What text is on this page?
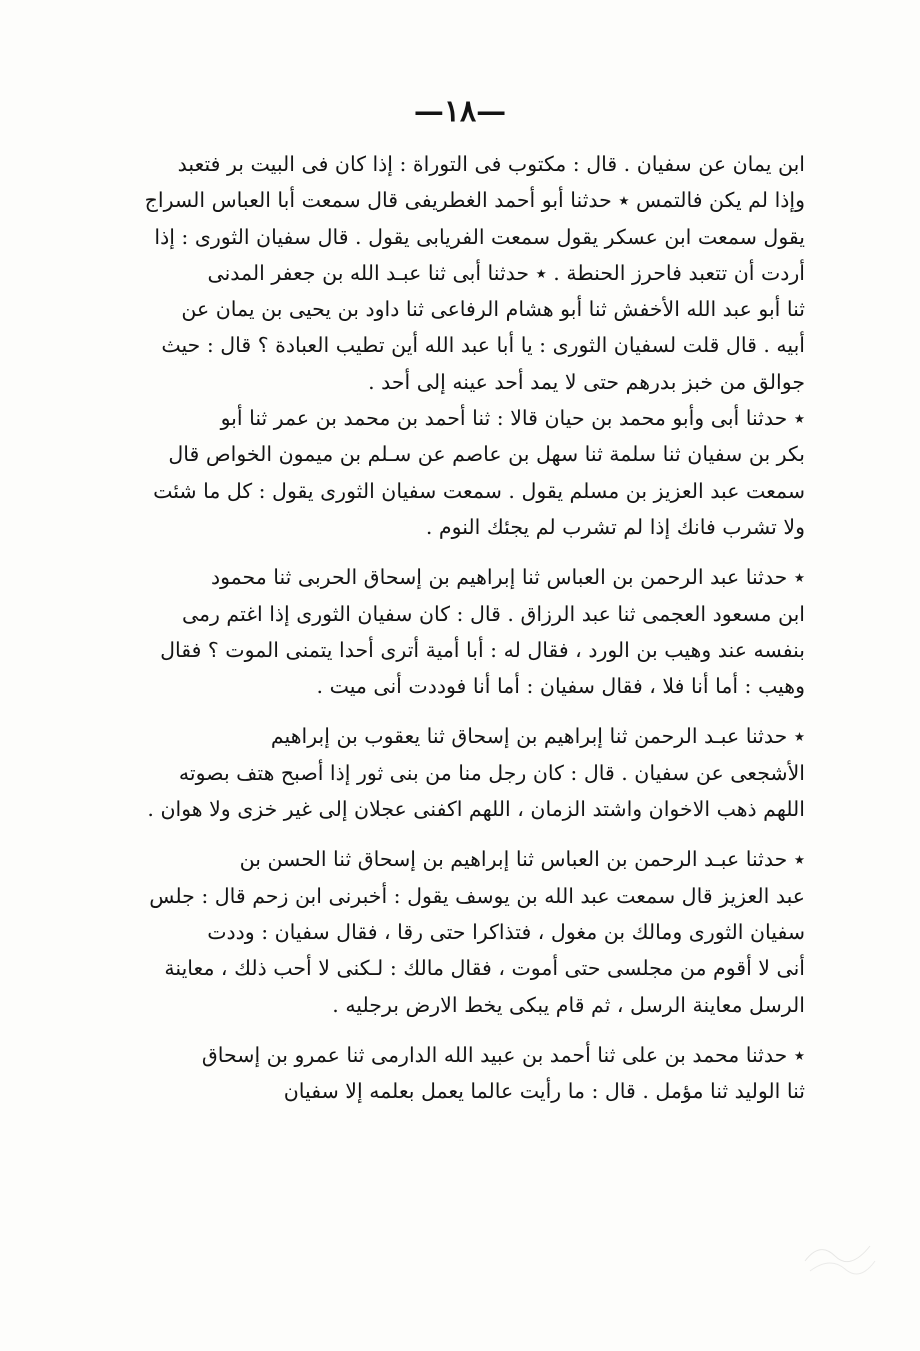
—١٨—
ابن يمان عن سفيان . قال : مكتوب فى التوراة : إذا كان فى البيت بر فتعبد
وإذا لم يكن فالتمس ‌٭ حدثنا أبو أحمد الغطريفى قال سمعت أبا العباس السراج
يقول سمعت ابن عسكر يقول سمعت الفريابى يقول . قال سفيان الثورى : إذا
أردت أن تتعبد فاحرز الحنطة . ‌٭ حدثنا أبى ثنا عبـد الله بن جعفر المدنى
ثنا أبو عبد الله الأخفش ثنا أبو هشام الرفاعى ثنا داود بن يحيى بن يمان عن
أبيه . قال قلت لسفيان الثورى : يا أبا عبد الله أين تطيب العبادة ؟ قال : حيث
جوالق من خبز بدرهم حتى لا يمد أحد عينه إلى أحد .
‌٭ حدثنا أبى وأبو محمد بن حيان قالا : ثنا أحمد بن محمد بن عمر ثنا أبو
بكر بن سفيان ثنا سلمة ثنا سهل بن عاصم عن سـلم بن ميمون الخواص قال
سمعت عبد العزيز بن مسلم يقول . سمعت سفيان الثورى يقول : كل ما شئت
ولا تشرب فانك إذا لم تشرب لم يجئك النوم .
‌٭ حدثنا عبد الرحمن بن العباس ثنا إبراهيم بن إسحاق الحربى ثنا محمود
ابن مسعود العجمى ثنا عبد الرزاق . قال : كان سفيان الثورى إذا اغتم رمى
بنفسه عند وهيب بن الورد ، فقال له : أبا أمية أترى أحدا يتمنى الموت ؟ فقال
وهيب : أما أنا فلا ، فقال سفيان : أما أنا فوددت أنى ميت .
‌٭ حدثنا عبـد الرحمن ثنا إبراهيم بن إسحاق ثنا يعقوب بن إبراهيم
الأشجعى عن سفيان . قال : كان رجل منا من بنى ثور إذا أصبح هتف بصوته
اللهم ذهب الاخوان واشتد الزمان ، اللهم اكفنى عجلان إلى غير خزى ولا هوان .
‌٭ حدثنا عبـد الرحمن بن العباس ثنا إبراهيم بن إسحاق ثنا الحسن بن
عبد العزيز قال سمعت عبد الله بن يوسف يقول : أخبرنى ابن زحم قال : جلس
سفيان الثورى ومالك بن مغول ، فتذاكرا حتى رقا ، فقال سفيان : وددت
أنى لا أقوم من مجلسى حتى أموت ، فقال مالك : لـكنى لا أحب ذلك ، معاينة
الرسل معاينة الرسل ، ثم قام يبكى يخط الارض برجليه .
‌٭ حدثنا محمد بن على ثنا أحمد بن عبيد الله الدارمى ثنا عمرو بن إسحاق
ثنا الوليد ثنا مؤمل . قال : ما رأيت عالما يعمل بعلمه إلا سفيان
